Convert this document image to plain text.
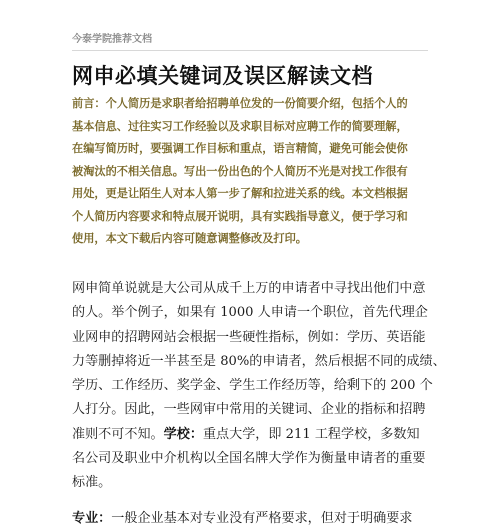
今泰学院推荐文档
网申必填关键词及误区解读文档
前言：个人简历是求职者给招聘单位发的一份简要介绍，包括个人的
基本信息、过往实习工作经验以及求职目标对应聘工作的简要理解，
在编写简历时，要强调工作目标和重点，语言精简，避免可能会使你
被淘汰的不相关信息。写出一份出色的个人简历不光是对找工作很有
用处，更是让陌生人对本人第一步了解和拉进关系的线。本文档根据
个人简历内容要求和特点展开说明，具有实践指导意义，便于学习和
使用，本文下载后内容可随意调整修改及打印。
网申简单说就是大公司从成千上万的申请者中寻找出他们中意
的人。举个例子，如果有 1000 人申请一个职位，首先代理企
业网申的招聘网站会根据一些硬性指标，例如：学历、英语能
力等删掉将近一半甚至是 80%的申请者，然后根据不同的成绩、
学历、工作经历、奖学金、学生工作经历等，给剩下的 200 个
人打分。因此，一些网审中常用的关键词、企业的指标和招聘
准则不可不知。学校：重点大学，即 211 工程学校，多数知
名公司及职业中介机构以全国名牌大学作为衡量申请者的重要
标准。
专业：一般企业基本对专业没有严格要求，但对于明确要求
